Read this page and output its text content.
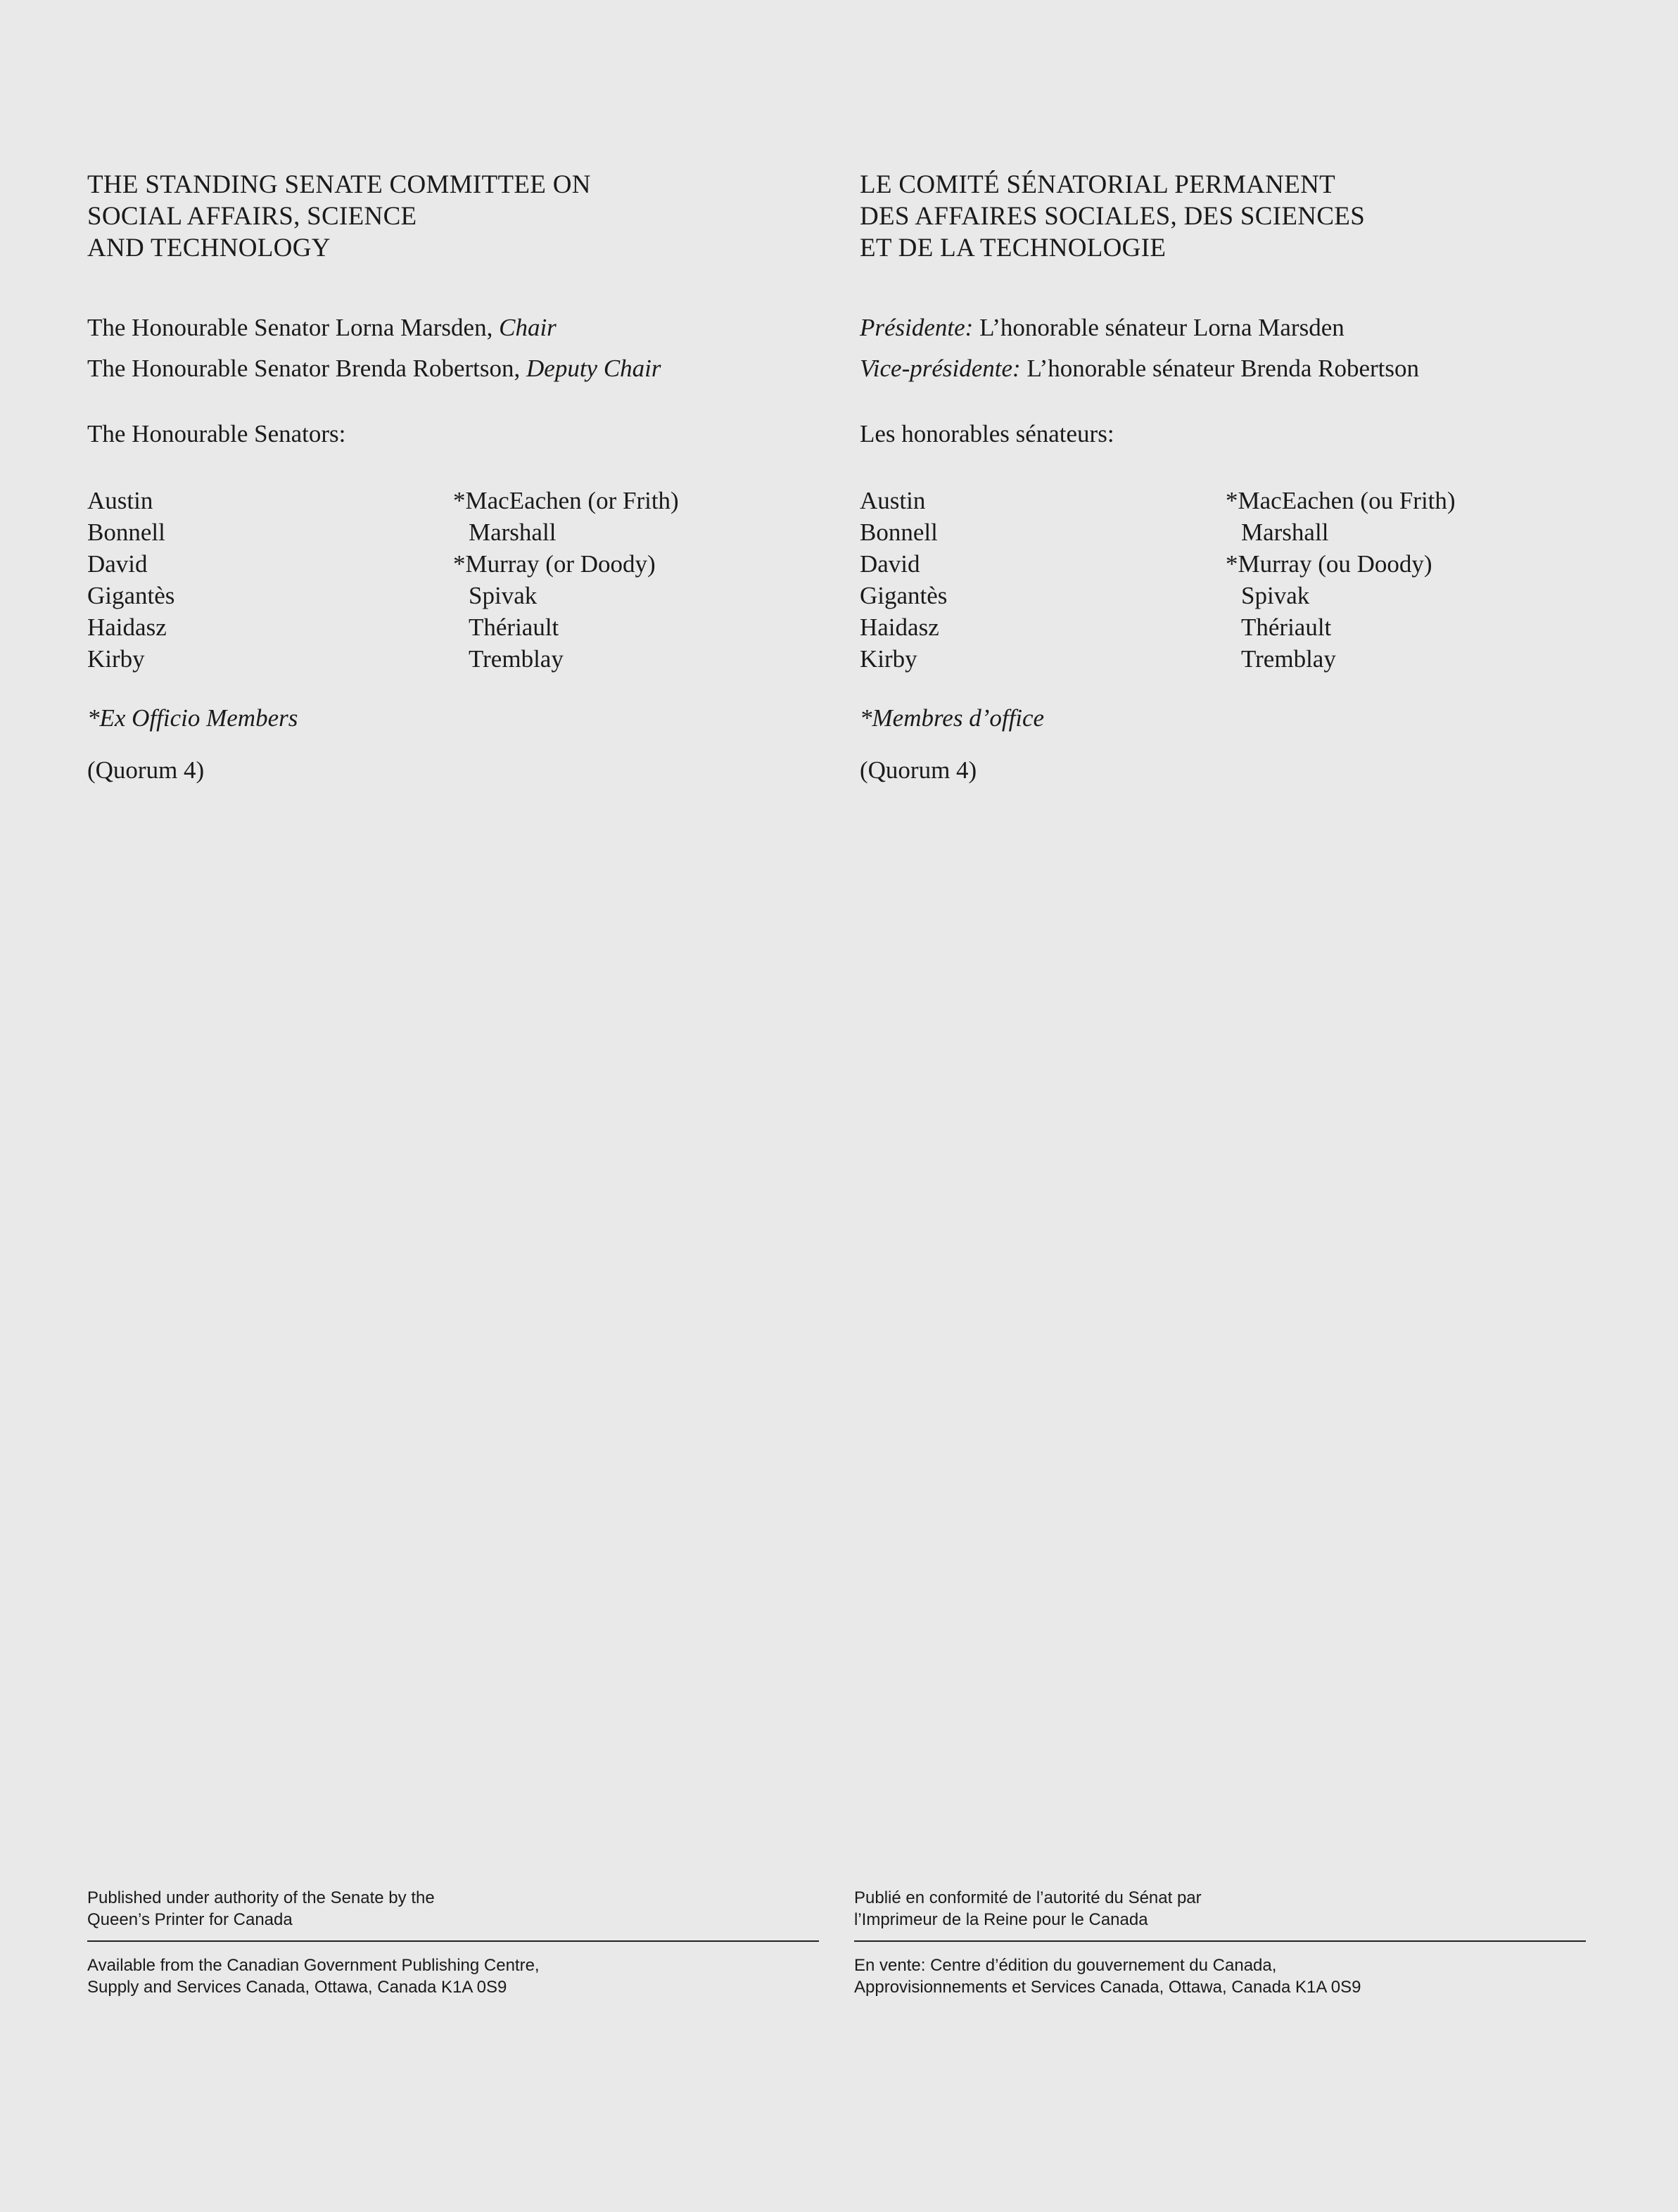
THE STANDING SENATE COMMITTEE ON
SOCIAL AFFAIRS, SCIENCE
AND TECHNOLOGY
The Honourable Senator Lorna Marsden, Chair
The Honourable Senator Brenda Robertson, Deputy Chair
The Honourable Senators:
Austin
Bonnell
David
Gigantès
Haidasz
Kirby
*MacEachen (or Frith)
Marshall
*Murray (or Doody)
Spivak
Thériault
Tremblay
*Ex Officio Members
(Quorum 4)
LE COMITÉ SÉNATORIAL PERMANENT
DES AFFAIRES SOCIALES, DES SCIENCES
ET DE LA TECHNOLOGIE
Présidente: L’honorable sénateur Lorna Marsden
Vice-présidente: L’honorable sénateur Brenda Robertson
Les honorables sénateurs:
Austin
Bonnell
David
Gigantès
Haidasz
Kirby
*MacEachen (ou Frith)
Marshall
*Murray (ou Doody)
Spivak
Thériault
Tremblay
*Membres d’office
(Quorum 4)
Published under authority of the Senate by the
Queen’s Printer for Canada
Available from the Canadian Government Publishing Centre,
Supply and Services Canada, Ottawa, Canada K1A 0S9
Publié en conformité de l’autorité du Sénat par
l’Imprimeur de la Reine pour le Canada
En vente: Centre d’édition du gouvernement du Canada,
Approvisionnements et Services Canada, Ottawa, Canada K1A 0S9
